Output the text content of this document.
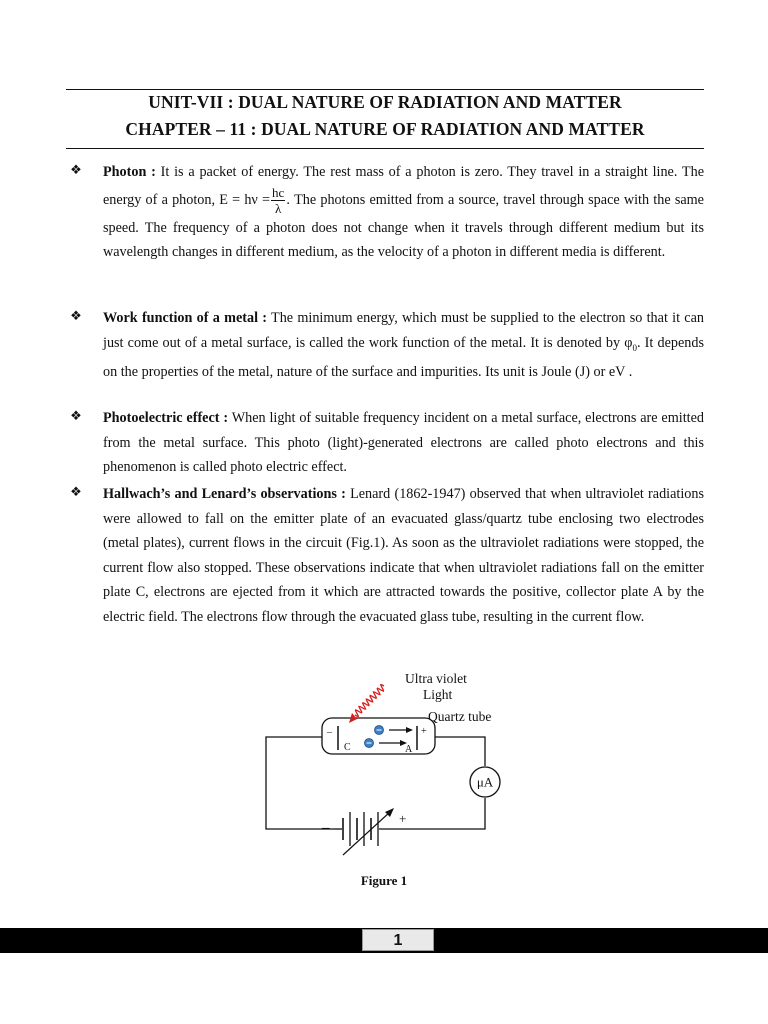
UNIT-VII : DUAL NATURE OF RADIATION AND MATTER
CHAPTER – 11 : DUAL NATURE OF RADIATION AND MATTER
❖ Photon : It is a packet of energy. The rest mass of a photon is zero. They travel in a straight line. The energy of a photon, $E = h\nu = \frac{hc}{\lambda}$ . The photons emitted from a source, travel through space with the same speed. The frequency of a photon does not change when it travels through different medium but its wavelength changes in different medium, as the velocity of a photon in different media is different.
❖ Work function of a metal : The minimum energy, which must be supplied to the electron so that it can just come out of a metal surface, is called the work function of the metal. It is denoted by $\varphi_0$. It depends on the properties of the metal, nature of the surface and impurities. Its unit is Joule (J) or eV .
❖ Photoelectric effect : When light of suitable frequency incident on a metal surface, electrons are emitted from the metal surface. This photo (light)-generated electrons are called photo electrons and this phenomenon is called photo electric effect.
❖ Hallwach’s and Lenard’s observations : Lenard (1862-1947) observed that when ultraviolet radiations were allowed to fall on the emitter plate of an evacuated glass/quartz tube enclosing two electrodes (metal plates), current flows in the circuit (Fig.1). As soon as the ultraviolet radiations were stopped, the current flow also stopped. These observations indicate that when ultraviolet radiations fall on the emitter plate C, electrons are ejected from it which are attracted towards the positive, collector plate A by the electric field. The electrons flow through the evacuated glass tube, resulting in the current flow.
–	+
C	A
Ultra violet
Light
Quartz tube
μA
–
+
Figure 1
1
